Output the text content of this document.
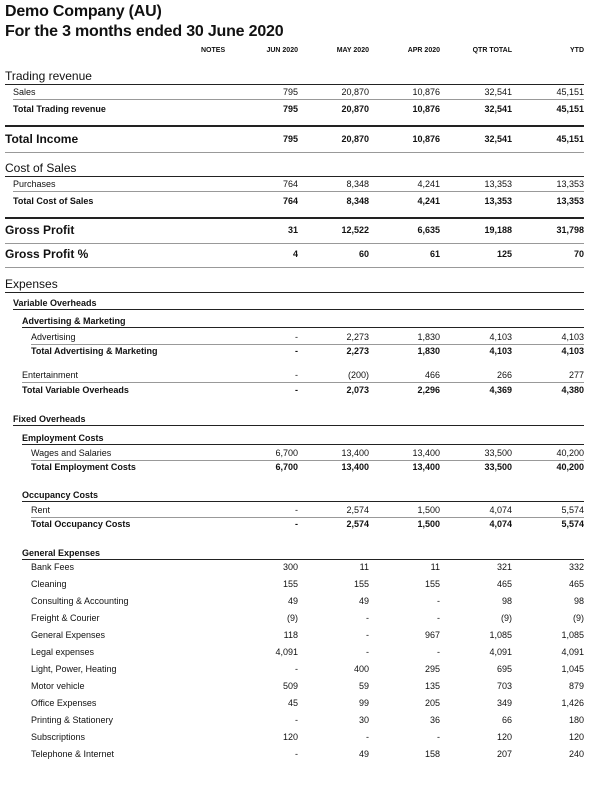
Demo Company (AU)
For the 3 months ended 30 June 2020
NOTES	JUN 2020	MAY 2020	APR 2020	QTR TOTAL	YTD
Trading revenue
Sales	795	20,870	10,876	32,541	45,151
Total Trading revenue	795	20,870	10,876	32,541	45,151
Total Income	795	20,870	10,876	32,541	45,151
Cost of Sales
Purchases	764	8,348	4,241	13,353	13,353
Total Cost of Sales	764	8,348	4,241	13,353	13,353
Gross Profit	31	12,522	6,635	19,188	31,798
Gross Profit %	4	60	61	125	70
Expenses
Variable Overheads
Advertising & Marketing
Advertising	-	2,273	1,830	4,103	4,103
Total Advertising & Marketing	-	2,273	1,830	4,103	4,103
Entertainment	-	(200)	466	266	277
Total Variable Overheads	-	2,073	2,296	4,369	4,380
Fixed Overheads
Employment Costs
Wages and Salaries	6,700	13,400	13,400	33,500	40,200
Total Employment Costs	6,700	13,400	13,400	33,500	40,200
Occupancy Costs
Rent	-	2,574	1,500	4,074	5,574
Total Occupancy Costs	-	2,574	1,500	4,074	5,574
General Expenses
Bank Fees	300	11	11	321	332
Cleaning	155	155	155	465	465
Consulting & Accounting	49	49	-	98	98
Freight & Courier	(9)	-	-	(9)	(9)
General Expenses	118	-	967	1,085	1,085
Legal expenses	4,091	-	-	4,091	4,091
Light, Power, Heating	-	400	295	695	1,045
Motor vehicle	509	59	135	703	879
Office Expenses	45	99	205	349	1,426
Printing & Stationery	-	30	36	66	180
Subscriptions	120	-	-	120	120
Telephone & Internet	-	49	158	207	240
